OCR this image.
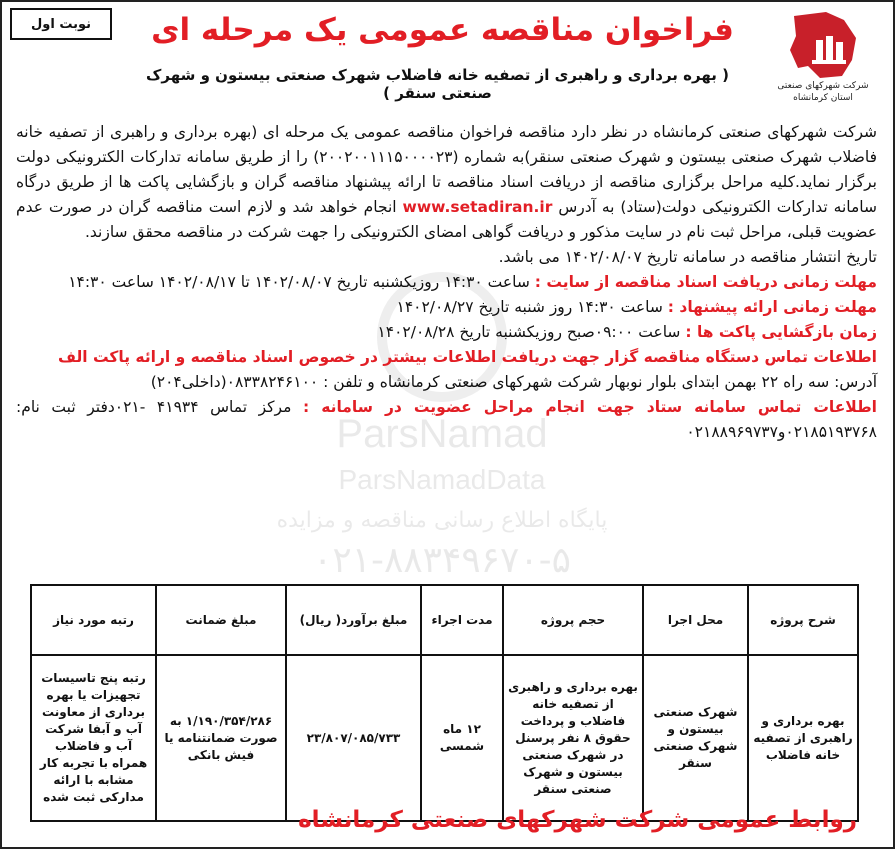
نوبت اول
شرکت شهرکهای صنعتی
استان کرمانشاه
فراخوان مناقصه عمومی یک مرحله ای
( بهره برداری و راهبری از تصفیه خانه فاضلاب شهرک صنعتی بیستون و شهرک صنعتی سنقر )
ParsNamad
ParsNamadData
پایگاه اطلاع رسانی مناقصه و مزایده
۰۲۱-۸۸۳۴۹۶۷۰-۵

شرکت شهرکهای صنعتی کرمانشاه در نظر دارد مناقصه فراخوان مناقصه عمومی یک مرحله ای (بهره برداری و راهبری از تصفیه خانه فاضلاب شهرک صنعتی بیستون و شهرک صنعتی سنقر)به شماره (۲۰۰۲۰۰۱۱۱۵۰۰۰۰۲۳) را از طریق سامانه تدارکات الکترونیکی دولت برگزار نماید.کلیه مراحل برگزاری مناقصه از دریافت اسناد مناقصه تا ارائه پیشنهاد مناقصه گران و بازگشایی پاکت ها از طریق درگاه سامانه تدارکات الکترونیکی دولت(ستاد) به آدرس www.setadiran.ir انجام خواهد شد و لازم است مناقصه گران در صورت عدم عضویت قبلی، مراحل ثبت نام در سایت مذکور و دریافت گواهی امضای الکترونیکی را جهت شرکت در مناقصه محقق سازند.

تاریخ انتشار مناقصه در سامانه تاریخ ۱۴۰۲/۰۸/۰۷ می باشد.

مهلت زمانی دریافت اسناد مناقصه از سایت : ساعت ۱۴:۳۰ روزیکشنبه تاریخ ۱۴۰۲/۰۸/۰۷ تا ۱۴۰۲/۰۸/۱۷ ساعت ۱۴:۳۰

مهلت زمانی ارائه پیشنهاد : ساعت ۱۴:۳۰ روز شنبه تاریخ ۱۴۰۲/۰۸/۲۷

زمان بازگشایی پاکت ها : ساعت ۰۹:۰۰صبح روزیکشنبه تاریخ ۱۴۰۲/۰۸/۲۸

اطلاعات تماس دستگاه مناقصه گزار جهت دریافت اطلاعات بیشتر در خصوص اسناد مناقصه و ارائه پاکت الف

آدرس: سه راه ۲۲ بهمن ابتدای بلوار نوبهار شرکت شهرکهای صنعتی کرمانشاه و تلفن : ۰۸۳۳۸۲۴۶۱۰۰(داخلی۲۰۴)

اطلاعات تماس سامانه ستاد جهت انجام مراحل عضویت در سامانه : مرکز تماس ۴۱۹۳۴ -۰۲۱دفتر ثبت نام: ۰۲۱۸۵۱۹۳۷۶۸و۰۲۱۸۸۹۶۹۷۳۷

شرح پروژه	محل اجرا	حجم پروژه	مدت اجراء	مبلغ برآورد( ریال)	مبلغ ضمانت	رتبه مورد نیاز
بهره برداری و راهبری از تصفیه خانه فاضلاب	شهرک صنعتی بیستون و شهرک صنعتی سنقر	بهره برداری و راهبری از تصفیه خانه فاضلاب و پرداخت حقوق ۸ نفر پرسنل در شهرک صنعتی بیستون و شهرک صنعتی سنقر	۱۲ ماه شمسی	۲۳/۸۰۷/۰۸۵/۷۳۳	۱/۱۹۰/۳۵۴/۲۸۶ به صورت ضمانتنامه یا فیش بانکی	رتبه پنج تاسیسات تجهیزات یا بهره برداری از معاونت آب و آبفا شرکت آب و فاضلاب همراه با تجربه کار مشابه با ارائه مدارکی ثبت شده
روابط عمومی شرکت شهرکهای صنعتی کرمانشاه
